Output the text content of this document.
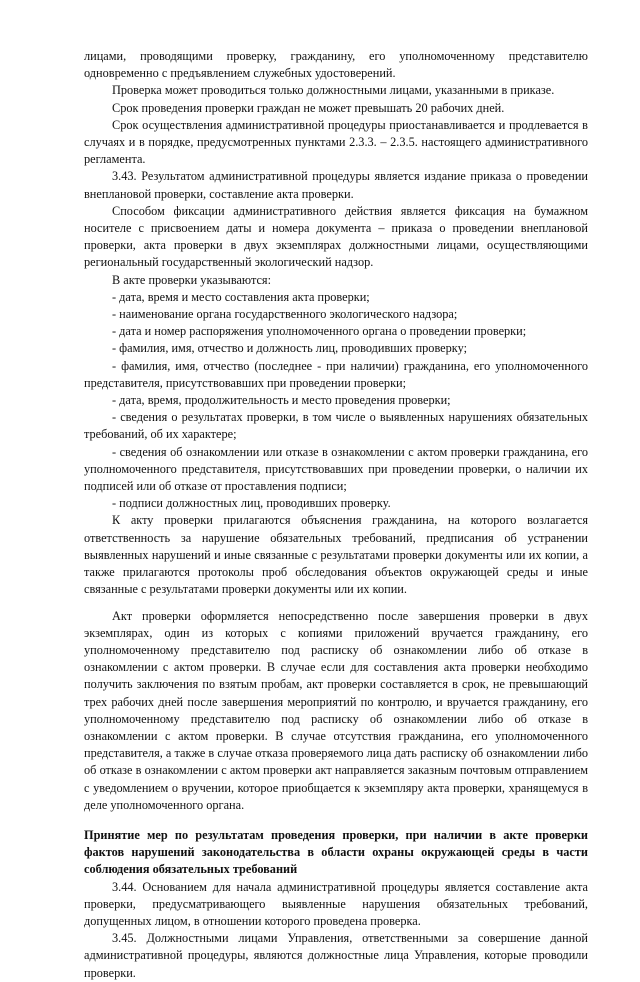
лицами, проводящими проверку, гражданину, его уполномоченному представителю одновременно с предъявлением служебных удостоверений.

Проверка может проводиться только должностными лицами, указанными в приказе.

Срок проведения проверки граждан не может превышать 20 рабочих дней.

Срок осуществления административной процедуры приостанавливается и продлевается в случаях и в порядке, предусмотренных пунктами 2.3.3. – 2.3.5. настоящего административного регламента.

3.43. Результатом административной процедуры является издание приказа о проведении внеплановой проверки, составление акта проверки.

Способом фиксации административного действия является фиксация на бумажном носителе с присвоением даты и номера документа – приказа о проведении внеплановой проверки, акта проверки в двух экземплярах должностными лицами, осуществляющими региональный государственный экологический надзор.

В акте проверки указываются:

- дата, время и место составления акта проверки;

- наименование органа государственного экологического надзора;

- дата и номер распоряжения уполномоченного органа о проведении проверки;

- фамилия, имя, отчество и должность лиц, проводивших проверку;

- фамилия, имя, отчество (последнее - при наличии) гражданина, его уполномоченного представителя, присутствовавших при проведении проверки;

- дата, время, продолжительность и место проведения проверки;

- сведения о результатах проверки, в том числе о выявленных нарушениях обязательных требований, об их характере;

- сведения об ознакомлении или отказе в ознакомлении с актом проверки гражданина, его уполномоченного представителя, присутствовавших при проведении проверки, о наличии их подписей или об отказе от проставления подписи;

- подписи должностных лиц, проводивших проверку.

К акту проверки прилагаются объяснения гражданина, на которого возлагается ответственность за нарушение обязательных требований, предписания об устранении выявленных нарушений и иные связанные с результатами проверки документы или их копии, а также прилагаются протоколы проб обследования объектов окружающей среды и иные связанные с результатами проверки документы или их копии.

Акт проверки оформляется непосредственно после завершения проверки в двух экземплярах, один из которых с копиями приложений вручается гражданину, его уполномоченному представителю под расписку об ознакомлении либо об отказе в ознакомлении с актом проверки. В случае если для составления акта проверки необходимо получить заключения по взятым пробам, акт проверки составляется в срок, не превышающий трех рабочих дней после завершения мероприятий по контролю, и вручается гражданину, его уполномоченному представителю под расписку об ознакомлении либо об отказе в ознакомлении с актом проверки. В случае отсутствия гражданина, его уполномоченного представителя, а также в случае отказа проверяемого лица дать расписку об ознакомлении либо об отказе в ознакомлении с актом проверки акт направляется заказным почтовым отправлением с уведомлением о вручении, которое приобщается к экземпляру акта проверки, хранящемуся в деле уполномоченного органа.

Принятие мер по результатам проведения проверки, при наличии в акте проверки фактов нарушений законодательства в области охраны окружающей среды в части соблюдения обязательных требований

3.44. Основанием для начала административной процедуры является составление акта проверки, предусматривающего выявленные нарушения обязательных требований, допущенных лицом, в отношении которого проведена проверка.

3.45. Должностными лицами Управления, ответственными за совершение данной административной процедуры, являются должностные лица Управления, которые проводили проверки.
